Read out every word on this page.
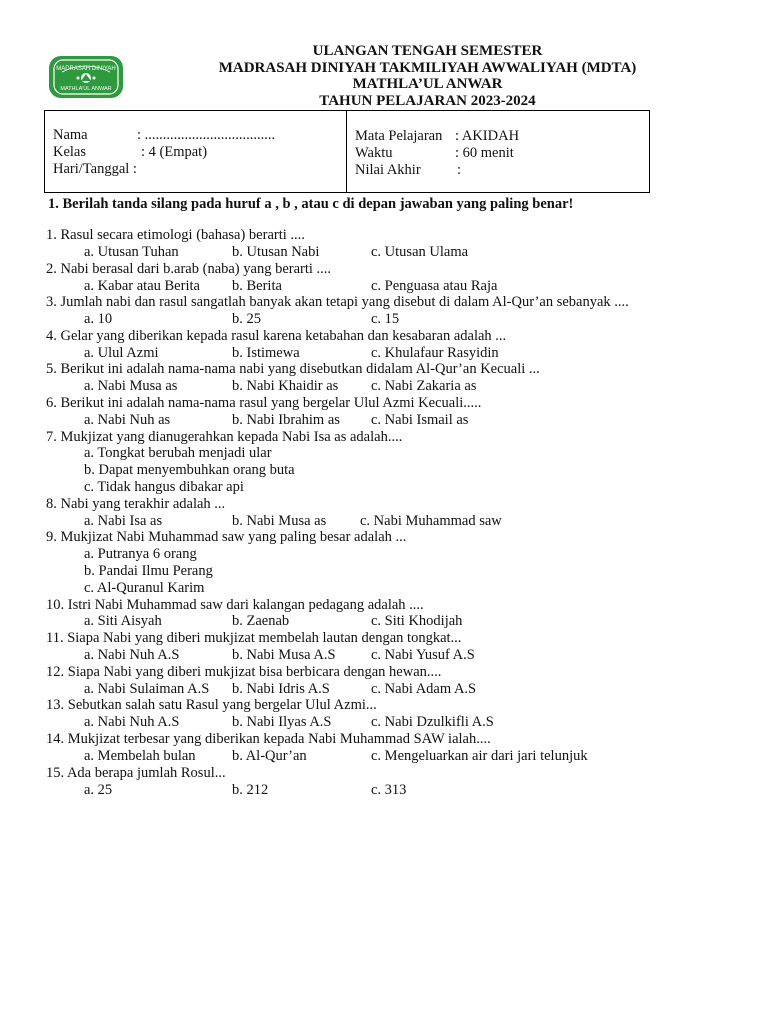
MADRASAH DINIYAH
MATHLA'UL ANWAR
ULANGAN TENGAH SEMESTER
MADRASAH DINIYAH TAKMILIYAH AWWALIYAH (MDTA)
MATHLA’UL ANWAR
TAHUN PELAJARAN 2023-2024
Nama	: ....................................
Kelas	: 4 (Empat)
Hari/Tanggal :
Mata Pelajaran : AKIDAH
Waktu	: 60 menit
Nilai Akhir	:
1. Berilah tanda silang pada huruf a , b , atau c di depan jawaban yang paling benar!
1. Rasul secara etimologi (bahasa) berarti ....
a. Utusan Tuhan	b. Utusan Nabi	c. Utusan Ulama
2. Nabi berasal dari b.arab (naba) yang berarti ....
a. Kabar atau Berita b. Berita	c. Penguasa atau Raja
3. Jumlah nabi dan rasul sangatlah banyak akan tetapi yang disebut di dalam Al-Qur’an sebanyak ....
a. 10	b. 25	c. 15
4. Gelar yang diberikan kepada rasul karena ketabahan dan kesabaran adalah ...
a. Ulul Azmi	b. Istimewa	c. Khulafaur Rasyidin
5. Berikut ini adalah nama-nama nabi yang disebutkan didalam Al-Qur’an Kecuali ...
a. Nabi Musa as	b. Nabi Khaidir as c. Nabi Zakaria as
6. Berikut ini adalah nama-nama rasul yang bergelar Ulul Azmi Kecuali.....
a. Nabi Nuh as	b. Nabi Ibrahim as c. Nabi Ismail as
7. Mukjizat yang dianugerahkan kepada Nabi Isa as adalah....
a. Tongkat berubah menjadi ular
b. Dapat menyembuhkan orang buta
c. Tidak hangus dibakar api
8. Nabi yang terakhir adalah ...
a. Nabi Isa as	b. Nabi Musa as c. Nabi Muhammad saw
9. Mukjizat Nabi Muhammad saw yang paling besar adalah ...
a. Putranya 6 orang
b. Pandai Ilmu Perang
c. Al-Quranul Karim
10. Istri Nabi Muhammad saw dari kalangan pedagang adalah ....
a. Siti Aisyah	b. Zaenab	c. Siti Khodijah
11. Siapa Nabi yang diberi mukjizat membelah lautan dengan tongkat...
a. Nabi Nuh A.S	b. Nabi Musa A.S c. Nabi Yusuf A.S
12. Siapa Nabi yang diberi mukjizat bisa berbicara dengan hewan....
a. Nabi Sulaiman A.S b. Nabi Idris A.S	c. Nabi Adam A.S
13. Sebutkan salah satu Rasul yang bergelar Ulul Azmi...
a. Nabi Nuh A.S	b. Nabi Ilyas A.S	c. Nabi Dzulkifli A.S
14. Mukjizat terbesar yang diberikan kepada Nabi Muhammad SAW ialah....
a. Membelah bulan	b. Al-Qur’an	c. Mengeluarkan air dari jari telunjuk
15. Ada berapa jumlah Rosul...
a. 25	b. 212	c. 313
